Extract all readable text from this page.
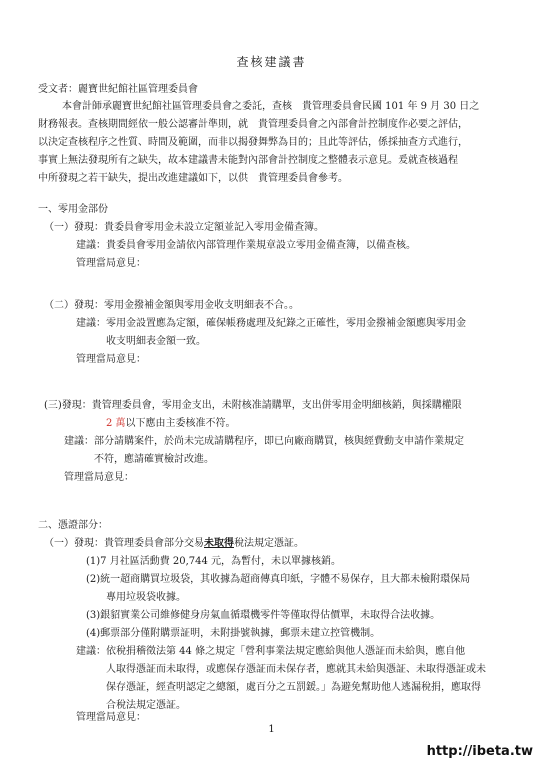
查核建議書
受文者：麗寶世紀館社區管理委員會
本會計師承麗寶世紀館社區管理委員會之委託，查核　貴管理委員會民國 101 年 9 月 30 日之
財務報表。查核期間經依一般公認審計準則，就　貴管理委員會之內部會計控制度作必要之評估，
以決定查核程序之性質、時間及範圍，而非以揭發舞弊為目的；且此等評估，係採抽查方式進行，
事實上無法發現所有之缺失，故本建議書未能對內部會計控制度之整體表示意見。爰就查核過程
中所發現之若干缺失，提出改進建議如下，以供　貴管理委員會參考。
一、零用金部份
（一）發現：貴委員會零用金未設立定額並記入零用金備查簿。
建議：貴委員會零用金請依內部管理作業規章設立零用金備查簿，以備查核。
管理當局意見：
（二）發現：零用金撥補金額與零用金收支明細表不合。。
建議：零用金設置應為定額，確保帳務處理及紀錄之正確性，零用金撥補金額應與零用金
收支明細表金額一致。
管理當局意見：
(三)發現：貴管理委員會，零用金支出，未附核准請購單，支出併零用金明細核銷，與採購權限
2 萬以下應由主委核准不符。
建議：部分請購案件，於尚未完成請購程序，即已向廠商購買，核與經費動支申請作業規定
不符，應請確實檢討改進。
管理當局意見：
二、憑證部分：
（一）發現：貴管理委員會部分交易未取得稅法規定憑証。
(1)7 月社區活動費 20,744 元，為暫付，未以單據核銷。
(2)統一超商購買垃圾袋，其收據為超商傳真印紙，字體不易保存，且大都未檢附環保局
專用垃圾袋收據。
(3)銀貂實業公司維修健身房氣血循環機零件等僅取得估價單，未取得合法收據。
(4)郵票部分僅附購票証明，未附掛號執據，郵票未建立控管機制。
建議：依稅捐稽徵法第 44 條之規定「營利事業法規定應給與他人憑証而未給與，應自他
人取得憑証而未取得，或應保存憑証而未保存者，應就其未給與憑証、未取得憑証或未
保存憑証，經查明認定之總額，處百分之五罰鍰。」為避免幫助他人逃漏稅捐，應取得
合稅法規定憑証。
管理當局意見：
1
http://ibeta.tw
